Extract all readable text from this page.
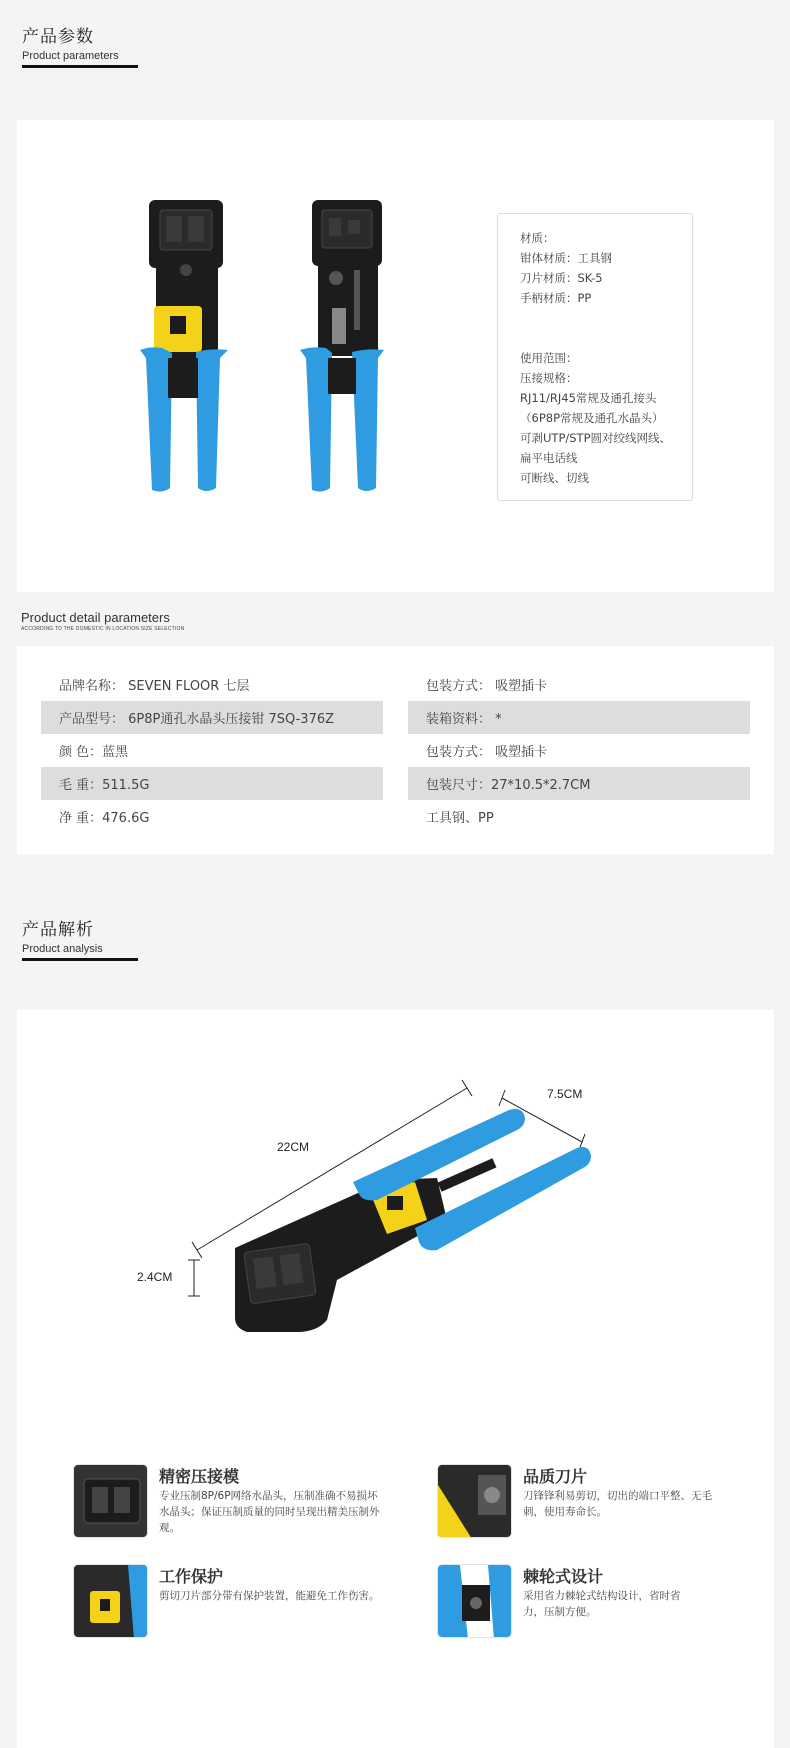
产品参数
Product parameters
材质：
钳体材质：工具钢
刀片材质：SK-5
手柄材质：PP
使用范围：
压接规格：
RJ11/RJ45常规及通孔接头
（6P8P常规及通孔水晶头）
可剥UTP/STP圆对绞线网线、
扁平电话线
可断线、切线
Product detail parameters
ACCORDING TO THE DOMESTIC IN LOCATION SIZE SELECTION
品牌名称： SEVEN FLOOR 七层
产品型号： 6P8P通孔水晶头压接钳 7SQ-376Z
颜 色：蓝黑
毛 重：511.5G
净 重：476.6G
包装方式： 吸塑插卡
装箱资料： *
包装方式： 吸塑插卡
包装尺寸：27*10.5*2.7CM
工具钢、PP
产品解析
Product analysis
22CM
7.5CM
2.4CM
精密压接模
专业压制8P/6P网络水晶头，压制准确不易损坏水晶头；保证压制质量的同时呈现出精美压制外观。
品质刀片
刀锋锋利易剪切，切出的端口平整、无毛刺，使用寿命长。
工作保护
剪切刀片部分带有保护装置，能避免工作伤害。
棘轮式设计
采用省力棘轮式结构设计，省时省力，压制方便。
